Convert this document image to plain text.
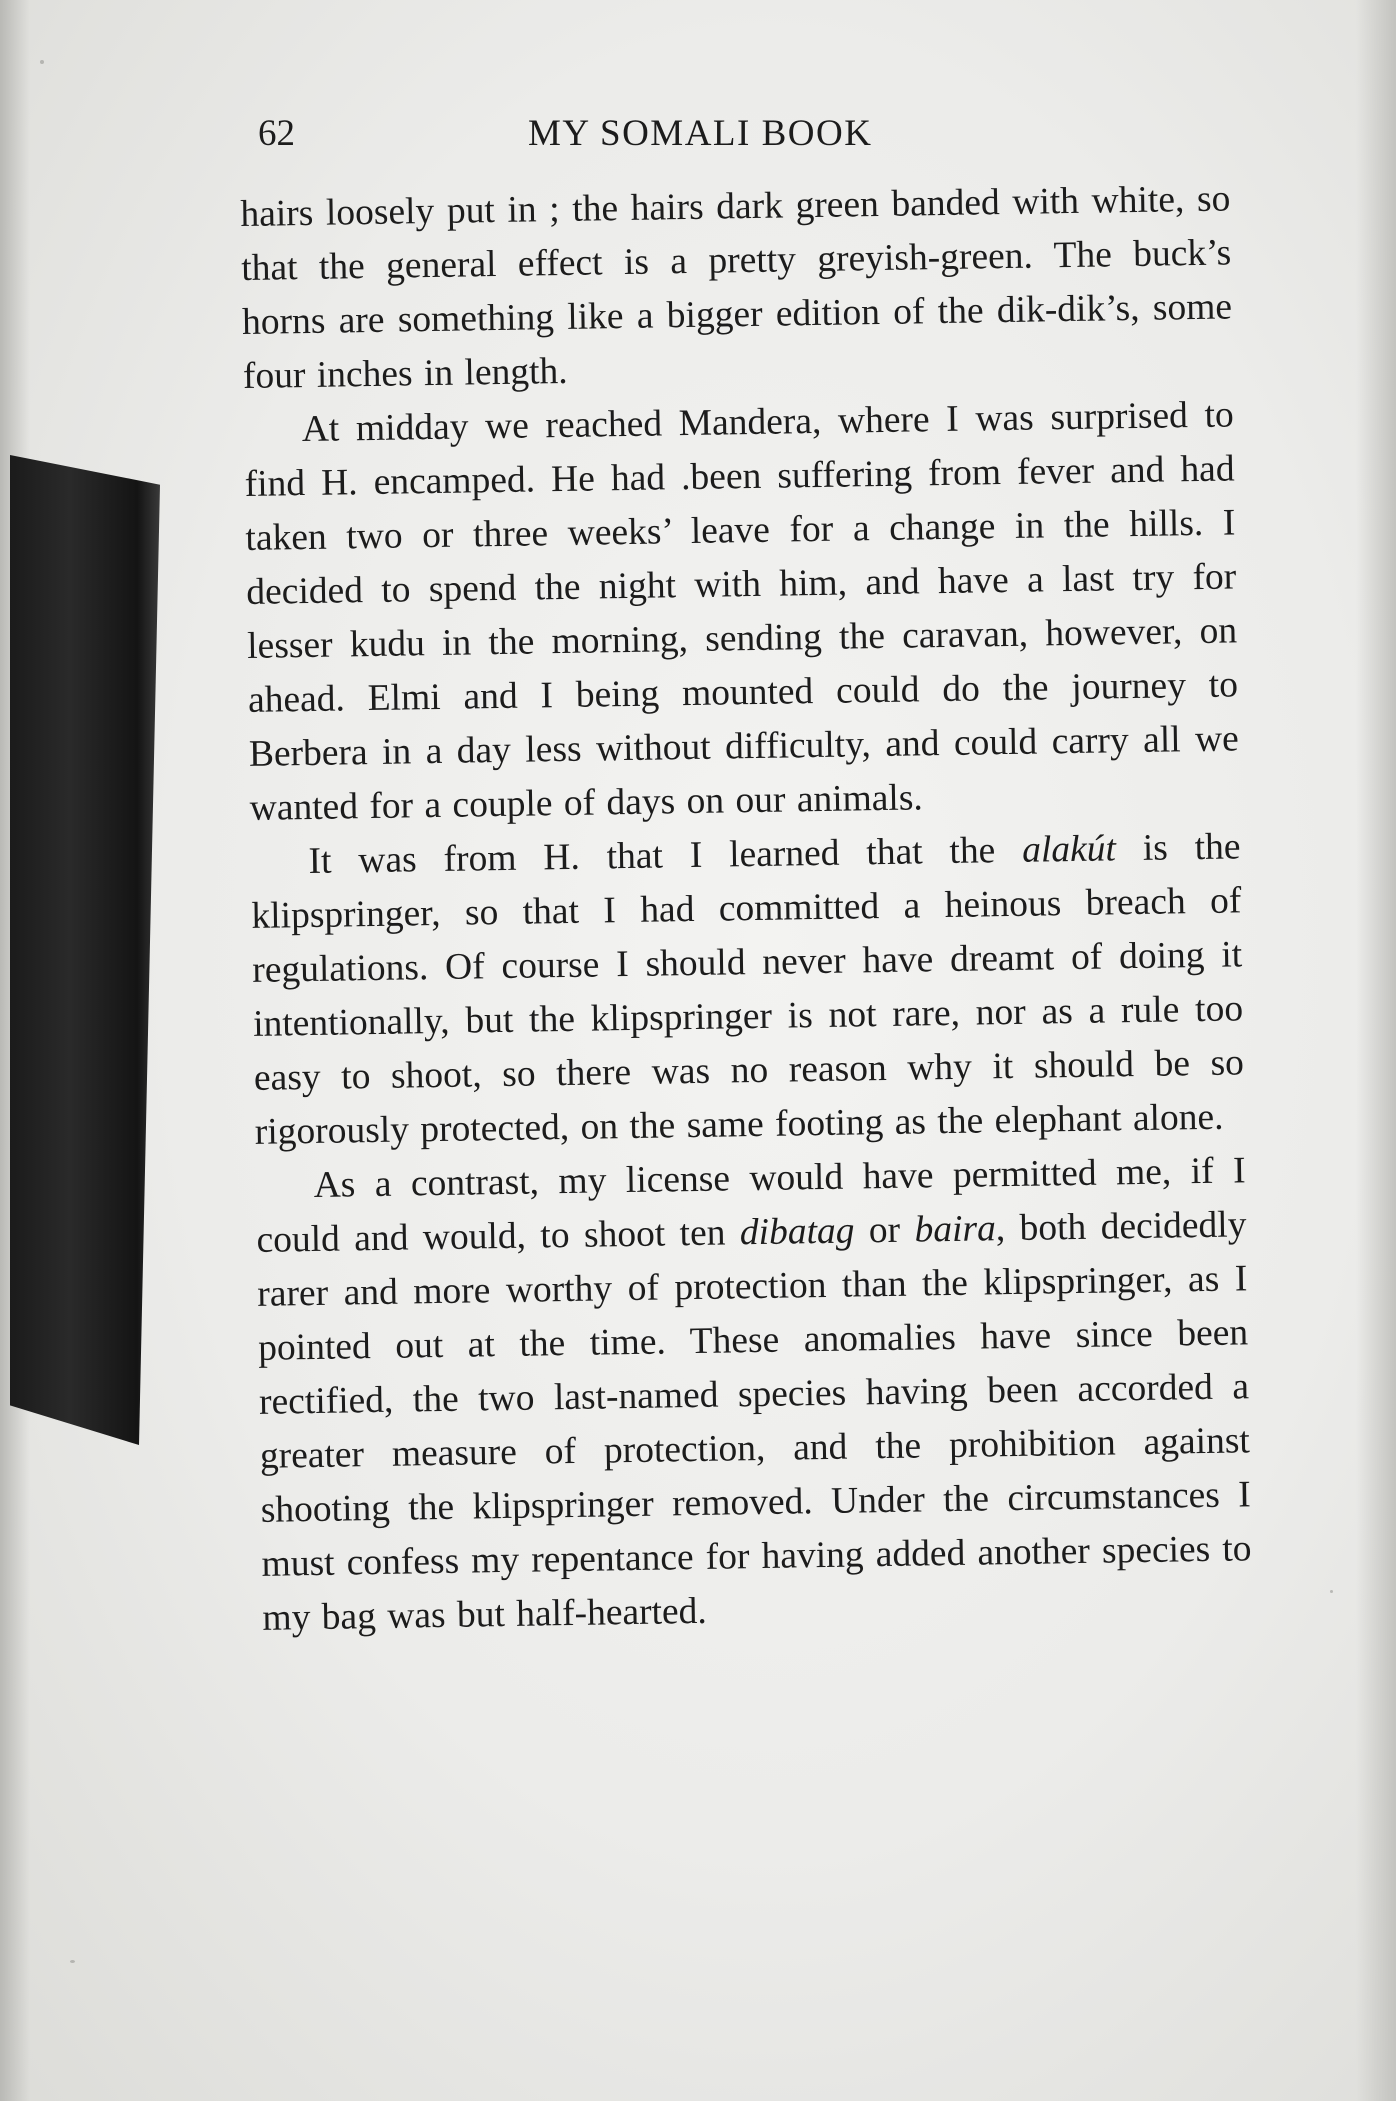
62	MY SOMALI BOOK

hairs loosely put in ; the hairs dark green banded with white, so that the general effect is a pretty greyish-green. The buck’s horns are something like a bigger edition of the dik-dik’s, some four inches in length.

At midday we reached Mandera, where I was surprised to find H. encamped. He had .been suffering from fever and had taken two or three weeks’ leave for a change in the hills. I decided to spend the night with him, and have a last try for lesser kudu in the morning, sending the caravan, however, on ahead. Elmi and I being mounted could do the journey to Berbera in a day less without difficulty, and could carry all we wanted for a couple of days on our animals.

It was from H. that I learned that the alakút is the klipspringer, so that I had committed a heinous breach of regulations. Of course I should never have dreamt of doing it intentionally, but the klipspringer is not rare, nor as a rule too easy to shoot, so there was no reason why it should be so rigorously protected, on the same footing as the elephant alone.

As a contrast, my license would have permitted me, if I could and would, to shoot ten dibatag or baira, both decidedly rarer and more worthy of protection than the klipspringer, as I pointed out at the time. These anomalies have since been rectified, the two last-named species having been accorded a greater measure of protection, and the prohibition against shooting the klipspringer removed. Under the circumstances I must confess my repentance for having added another species to my bag was but half-hearted.
